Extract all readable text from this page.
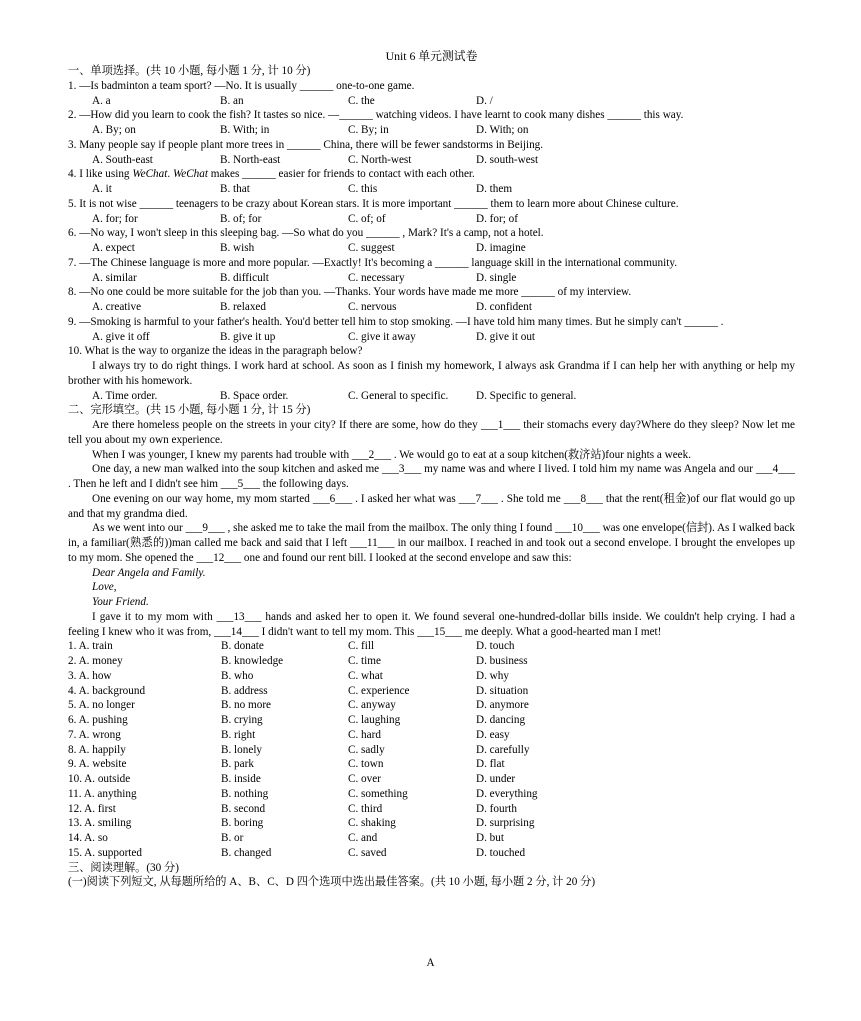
Unit 6 单元测试卷

一、单项选择。(共 10 小题, 每小题 1 分, 计 10 分)

1. —Is badminton a team sport? —No. It is usually ______ one-to-one game.

A. a	B. an	C. the	D. /

2. —How did you learn to cook the fish? It tastes so nice. —______ watching videos. I have learnt to cook many dishes ______ this way.

A. By; on	B. With; in	C. By; in	D. With; on

3. Many people say if people plant more trees in ______ China, there will be fewer sandstorms in Beijing.

A. South-east	B. North-east	C. North-west	D. south-west

4. I like using WeChat. WeChat makes ______ easier for friends to contact with each other.

A. it	B. that	C. this	D. them

5. It is not wise ______ teenagers to be crazy about Korean stars. It is more important ______ them to learn more about Chinese culture.

A. for; for	B. of; for	C. of; of	D. for; of

6. —No way, I won't sleep in this sleeping bag. —So what do you ______ , Mark? It's a camp, not a hotel.

A. expect	B. wish	C. suggest	D. imagine

7. —The Chinese language is more and more popular. —Exactly! It's becoming a ______ language skill in the international community.

A. similar	B. difficult	C. necessary	D. single

8. —No one could be more suitable for the job than you. —Thanks. Your words have made me more ______ of my interview.

A. creative	B. relaxed	C. nervous	D. confident

9. —Smoking is harmful to your father's health. You'd better tell him to stop smoking. —I have told him many times. But he simply can't ______ .

A. give it off	B. give it up	C. give it away	D. give it out

10. What is the way to organize the ideas in the paragraph below?

I always try to do right things. I work hard at school. As soon as I finish my homework, I always ask Grandma if I can help her with anything or help my brother with his homework.

A. Time order.	B. Space order.	C. General to specific.	D. Specific to general.

二、完形填空。(共 15 小题, 每小题 1 分, 计 15 分)

Are there homeless people on the streets in your city? If there are some, how do they ___1___ their stomachs every day?Where do they sleep? Now let me tell you about my own experience.

When I was younger, I knew my parents had trouble with ___2___ . We would go to eat at a soup kitchen(救济站)four nights a week.

One day, a new man walked into the soup kitchen and asked me ___3___ my name was and where I lived. I told him my name was Angela and our ___4___ . Then he left and I didn't see him ___5___ the following days.

One evening on our way home, my mom started ___6___ . I asked her what was ___7___ . She told me ___8___ that the rent(租金)of our flat would go up and that my grandma died.

As we went into our ___9___ , she asked me to take the mail from the mailbox. The only thing I found ___10___ was one envelope(信封). As I walked back in, a familiar(熟悉的))man called me back and said that I left ___11___ in our mailbox. I reached in and took out a second envelope. I brought the envelopes up to my mom. She opened the ___12___ one and found our rent bill. I looked at the second envelope and saw this:

Dear Angela and Family.

Love,

Your Friend.

I gave it to my mom with ___13___ hands and asked her to open it. We found several one-hundred-dollar bills inside. We couldn't help crying. I had a feeling I knew who it was from, ___14___ I didn't want to tell my mom. This ___15___ me deeply. What a good-hearted man I met!

1. A. train	B. donate	C. fill	D. touch
2. A. money	B. knowledge	C. time	D. business
3. A. how	B. who	C. what	D. why
4. A. background	B. address	C. experience	D. situation
5. A. no longer	B. no more	C. anyway	D. anymore
6. A. pushing	B. crying	C. laughing	D. dancing
7. A. wrong	B. right	C. hard	D. easy
8. A. happily	B. lonely	C. sadly	D. carefully
9. A. website	B. park	C. town	D. flat
10. A. outside	B. inside	C. over	D. under
11. A. anything	B. nothing	C. something	D. everything
12. A. first	B. second	C. third	D. fourth
13. A. smiling	B. boring	C. shaking	D. surprising
14. A. so	B. or	C. and	D. but
15. A. supported	B. changed	C. saved	D. touched

三、阅读理解。(30 分)

(一)阅读下列短文, 从每题所给的 A、B、C、D 四个选项中选出最佳答案。(共 10 小题, 每小题 2 分, 计 20 分)

A
